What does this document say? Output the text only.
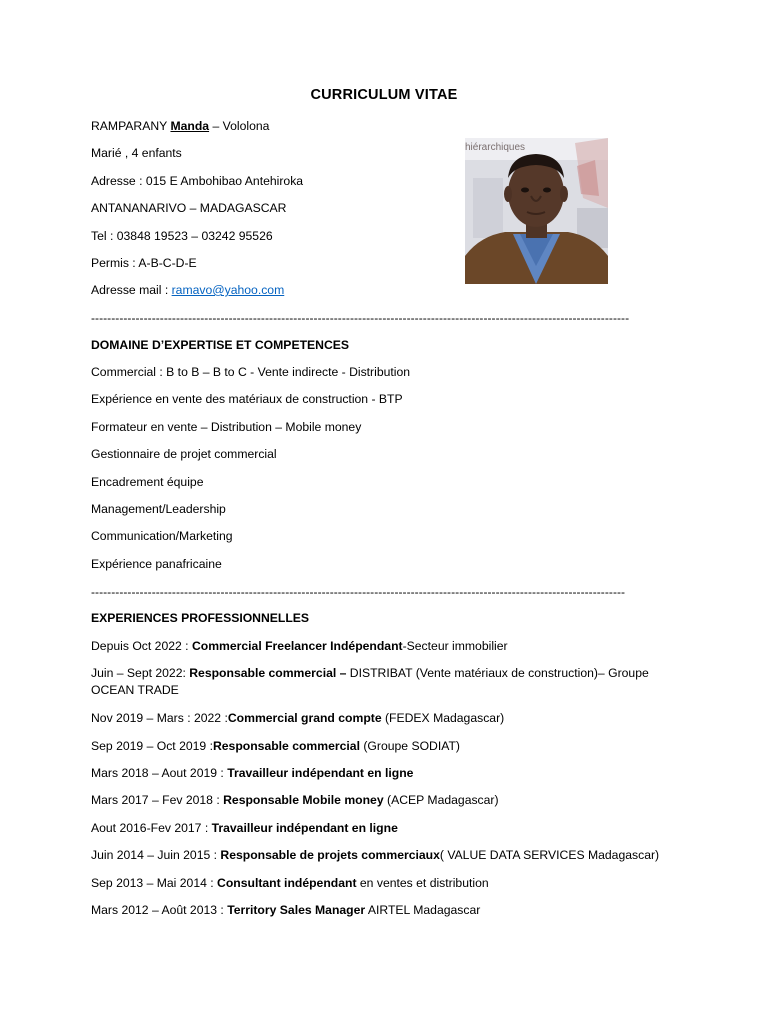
CURRICULUM VITAE
RAMPARANY Manda – Vololona
Marié , 4 enfants
Adresse : 015 E Ambohibao Antehiroka
ANTANANARIVO – MADAGASCAR
Tel : 03848 19523 – 03242 95526
Permis : A-B-C-D-E
Adresse mail : ramavo@yahoo.com
hiérarchiques
-------------------------------------------------------------------------------------------------------------------------------------
DOMAINE D’EXPERTISE ET COMPETENCES
Commercial : B to B – B to C - Vente indirecte - Distribution
Expérience en vente des matériaux de construction - BTP
Formateur en vente – Distribution – Mobile money
Gestionnaire de projet commercial
Encadrement équipe
Management/Leadership
Communication/Marketing
Expérience panafricaine
------------------------------------------------------------------------------------------------------------------------------------
EXPERIENCES PROFESSIONNELLES
Depuis Oct 2022 : Commercial Freelancer Indépendant-Secteur immobilier
Juin – Sept 2022: Responsable commercial – DISTRIBAT (Vente matériaux de construction)– Groupe OCEAN TRADE
Nov 2019 – Mars : 2022 :Commercial grand compte (FEDEX Madagascar)
Sep 2019 – Oct 2019 :Responsable commercial (Groupe SODIAT)
Mars 2018 – Aout 2019 : Travailleur indépendant en ligne
Mars 2017 – Fev 2018 : Responsable Mobile money (ACEP Madagascar)
Aout 2016-Fev 2017 : Travailleur indépendant en ligne
Juin 2014 – Juin 2015 : Responsable de projets commerciaux( VALUE DATA SERVICES Madagascar)
Sep 2013 – Mai 2014 : Consultant indépendant en ventes et distribution
Mars 2012 – Août 2013 : Territory Sales Manager AIRTEL Madagascar
